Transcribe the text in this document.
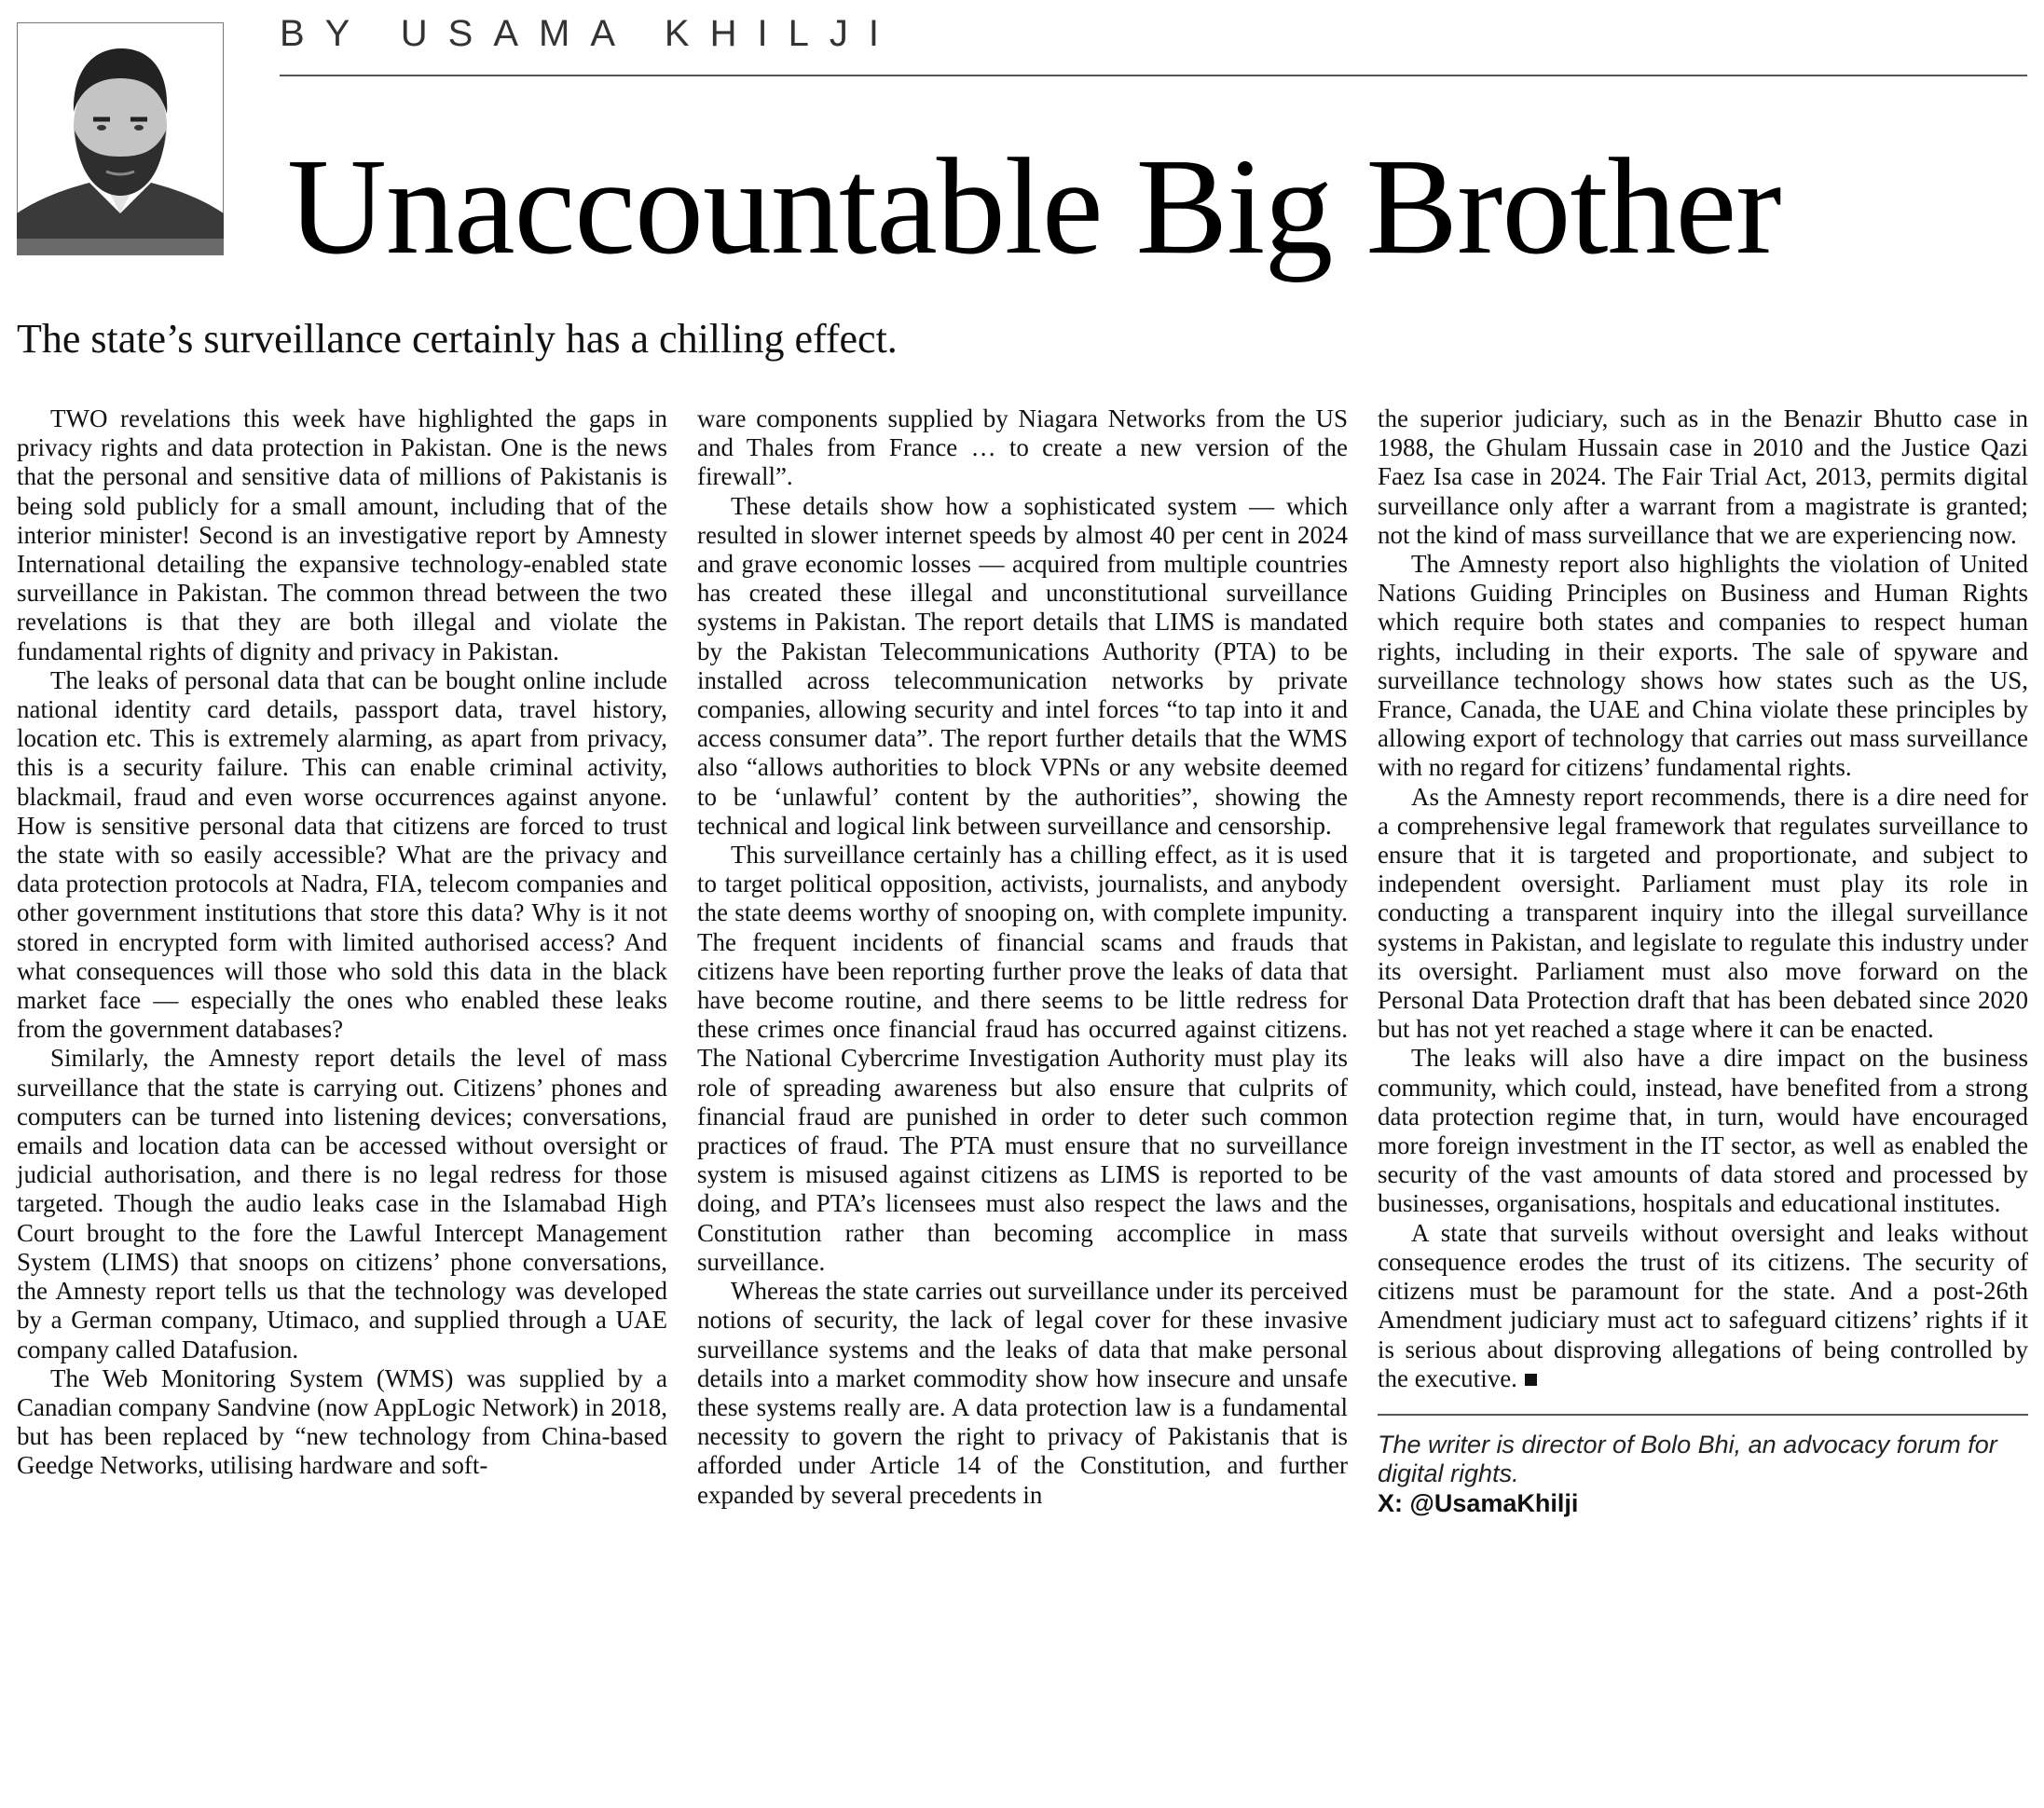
BY USAMA KHILJI
Unaccountable Big Brother
The state’s surveillance certainly has a chilling effect.

TWO revelations this week have highlighted the gaps in privacy rights and data protection in Pakistan. One is the news that the personal and sensitive data of millions of Pakistanis is being sold publicly for a small amount, including that of the interior minister! Second is an investigative report by Amnesty International detailing the expansive technology-enabled state surveillance in Pakistan. The common thread between the two revelations is that they are both illegal and violate the fundamental rights of dignity and privacy in Pakistan.

The leaks of personal data that can be bought online include national identity card details, passport data, travel history, location etc. This is extremely alarming, as apart from privacy, this is a security failure. This can enable criminal activity, blackmail, fraud and even worse occurrences against anyone. How is sensitive personal data that citizens are forced to trust the state with so easily accessible? What are the privacy and data protection protocols at Nadra, FIA, telecom companies and other government institutions that store this data? Why is it not stored in encrypted form with limited authorised access? And what consequences will those who sold this data in the black market face — especially the ones who enabled these leaks from the government databases?

Similarly, the Amnesty report details the level of mass surveillance that the state is carrying out. Citizens’ phones and computers can be turned into listening devices; conversations, emails and location data can be accessed without oversight or judicial authorisation, and there is no legal redress for those targeted. Though the audio leaks case in the Islamabad High Court brought to the fore the Lawful Intercept Management System (LIMS) that snoops on citizens’ phone conversations, the Amnesty report tells us that the technology was developed by a German company, Utimaco, and supplied through a UAE company called Datafusion.

The Web Monitoring System (WMS) was supplied by a Canadian company Sandvine (now AppLogic Network) in 2018, but has been replaced by “new technology from China-based Geedge Networks, utilising hardware and soft-

ware components supplied by Niagara Networks from the US and Thales from France … to create a new version of the firewall”.

These details show how a sophisticated system — which resulted in slower internet speeds by almost 40 per cent in 2024 and grave economic losses — acquired from multiple countries has created these illegal and unconstitutional surveillance systems in Pakistan. The report details that LIMS is mandated by the Pakistan Telecommunications Authority (PTA) to be installed across telecommunication networks by private companies, allowing security and intel forces “to tap into it and access consumer data”. The report further details that the WMS also “allows authorities to block VPNs or any website deemed to be ‘unlawful’ content by the authorities”, showing the technical and logical link between surveillance and censorship.

This surveillance certainly has a chilling effect, as it is used to target political opposition, activists, journalists, and anybody the state deems worthy of snooping on, with complete impunity. The frequent incidents of financial scams and frauds that citizens have been reporting further prove the leaks of data that have become routine, and there seems to be little redress for these crimes once financial fraud has occurred against citizens. The National Cybercrime Investigation Authority must play its role of spreading awareness but also ensure that culprits of financial fraud are punished in order to deter such common practices of fraud. The PTA must ensure that no surveillance system is misused against citizens as LIMS is reported to be doing, and PTA’s licensees must also respect the laws and the Constitution rather than becoming accomplice in mass surveillance.

Whereas the state carries out surveillance under its perceived notions of security, the lack of legal cover for these invasive surveillance systems and the leaks of data that make personal details into a market commodity show how insecure and unsafe these systems really are. A data protection law is a fundamental necessity to govern the right to privacy of Pakistanis that is afforded under Article 14 of the Constitution, and further expanded by several precedents in

the superior judiciary, such as in the Benazir Bhutto case in 1988, the Ghulam Hussain case in 2010 and the Justice Qazi Faez Isa case in 2024. The Fair Trial Act, 2013, permits digital surveillance only after a warrant from a magistrate is granted; not the kind of mass surveillance that we are experiencing now.

The Amnesty report also highlights the violation of United Nations Guiding Principles on Business and Human Rights which require both states and companies to respect human rights, including in their exports. The sale of spyware and surveillance technology shows how states such as the US, France, Canada, the UAE and China violate these principles by allowing export of technology that carries out mass surveillance with no regard for citizens’ fundamental rights.

As the Amnesty report recommends, there is a dire need for a comprehensive legal framework that regulates surveillance to ensure that it is targeted and proportionate, and subject to independent oversight. Parliament must play its role in conducting a transparent inquiry into the illegal surveillance systems in Pakistan, and legislate to regulate this industry under its oversight. Parliament must also move forward on the Personal Data Protection draft that has been debated since 2020 but has not yet reached a stage where it can be enacted.

The leaks will also have a dire impact on the business community, which could, instead, have benefited from a strong data protection regime that, in turn, would have encouraged more foreign investment in the IT sector, as well as enabled the security of the vast amounts of data stored and processed by businesses, organisations, hospitals and educational institutes.

A state that surveils without oversight and leaks without consequence erodes the trust of its citizens. The security of citizens must be paramount for the state. And a post-26th Amendment judiciary must act to safeguard citizens’ rights if it is serious about disproving allegations of being controlled by the executive.

The writer is director of Bolo Bhi, an advocacy forum for digital rights.
X: @UsamaKhilji
